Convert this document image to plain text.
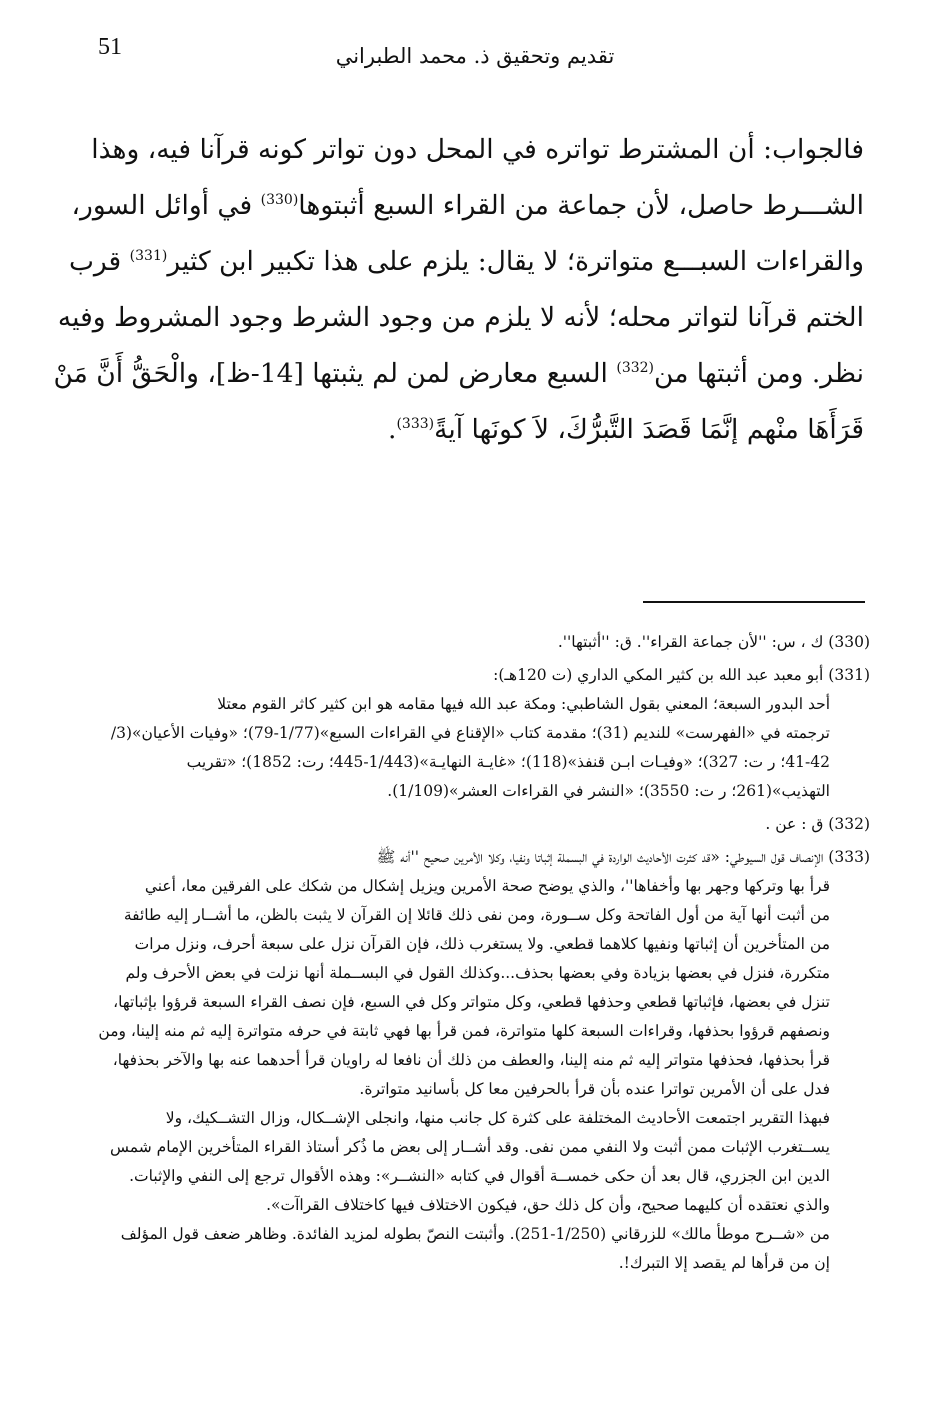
51	تقديم وتحقيق ذ. محمد الطبراني

فالجواب: أن المشترط تواتره في المحل دون تواتر كونه قرآنا فيه، وهذا
الشـــرط حاصل، لأن جماعة من القراء السبع أثبتوها$^{(330)}$ في أوائل السور،
والقراءات السبـــع متواترة؛ لا يقال: يلزم على هذا تكبير ابن كثير$^{(331)}$ قرب
الختم قرآنا لتواتر محله؛ لأنه لا يلزم من وجود الشرط وجود المشروط وفيه
نظر. ومن أثبتها من$^{(332)}$ السبع معارض لمن لم يثبتها [14-ظ]، والْحَقُّ أَنَّ مَنْ
قَرَأَهَا منْهم إنَّمَا قَصَدَ التَّبرُّكَ، لاَ كونَها آيةً$^{(333)}$.

(330) ك ، س: ''لأن جماعة القراء''. ق: ''أثبتها''.
(331) أبو معبد عبد الله بن كثير المكي الداري (ت 120هـ):
أحد البدور السبعة؛ المعني بقول الشاطبي: ومكة عبد الله فيها مقامه هو ابن كثير كاثر القوم معتلا
ترجمته في «الفهرست» للنديم (31)؛ مقدمة كتاب «الإقناع في القراءات السبع»(1/77-79)؛ «وفيات الأعيان»(3/
41-42؛ ر ت: 327)؛ «وفيـات ابـن قنفذ»(118)؛ «غايـة النهايـة»(1/443-445؛ رت: 1852)؛ «تقريب
التهذيب»(261؛ ر ت: 3550)؛ «النشر في القراءات العشر»(1/109).
(332) ق : عن .
(333) الإنصاف قول السيوطي: «قد كثرت الأحاديث الواردة في البسملة إثباتا ونفيا، وكلا الأمرين صحيح ''أنه ﷺ
قرأ بها وتركها وجهر بها وأخفاها''، والذي يوضح صحة الأمرين ويزيل إشكال من شكك على الفرقين معا، أعني
من أثبت أنها آية من أول الفاتحة وكل ســورة، ومن نفى ذلك قائلا إن القرآن لا يثبت بالظن، ما أشــار إليه طائفة
من المتأخرين أن إثباتها ونفيها كلاهما قطعي. ولا يستغرب ذلك، فإن القرآن نزل على سبعة أحرف، ونزل مرات
متكررة، فنزل في بعضها بزيادة وفي بعضها بحذف...وكذلك القول في البســملة أنها نزلت في بعض الأحرف ولم
تنزل في بعضها، فإثباتها قطعي وحذفها قطعي، وكل متواتر وكل في السبع، فإن نصف القراء السبعة قرؤوا بإثباتها،
ونصفهم قرؤوا بحذفها، وقراءات السبعة كلها متواترة، فمن قرأ بها فهي ثابتة في حرفه متواترة إليه ثم منه إلينا، ومن
قرأ بحذفها، فحذفها متواتر إليه ثم منه إلينا، والعطف من ذلك أن نافعا له راويان قرأ أحدهما عنه بها والآخر بحذفها،
فدل على أن الأمرين تواترا عنده بأن قرأ بالحرفين معا كل بأسانيد متواترة.
فبهذا التقرير اجتمعت الأحاديث المختلفة على كثرة كل جانب منها، وانجلى الإشــكال، وزال التشــكيك، ولا
يســتغرب الإثبات ممن أثبت ولا النفي ممن نفى. وقد أشــار إلى بعض ما ذُكر أستاذ القراء المتأخرين الإمام شمس
الدين ابن الجزري، قال بعد أن حكى خمســة أقوال في كتابه «النشــر»: وهذه الأقوال ترجع إلى النفي والإثبات.
والذي نعتقده أن كليهما صحيح، وأن كل ذلك حق، فيكون الاختلاف فيها كاختلاف القراآت».
من «شــرح موطأ مالك» للزرقاني (1/250-251). وأثبتت النصّ بطوله لمزيد الفائدة. وظاهر ضعف قول المؤلف
إن من قرأها لم يقصد إلا التبرك!.
